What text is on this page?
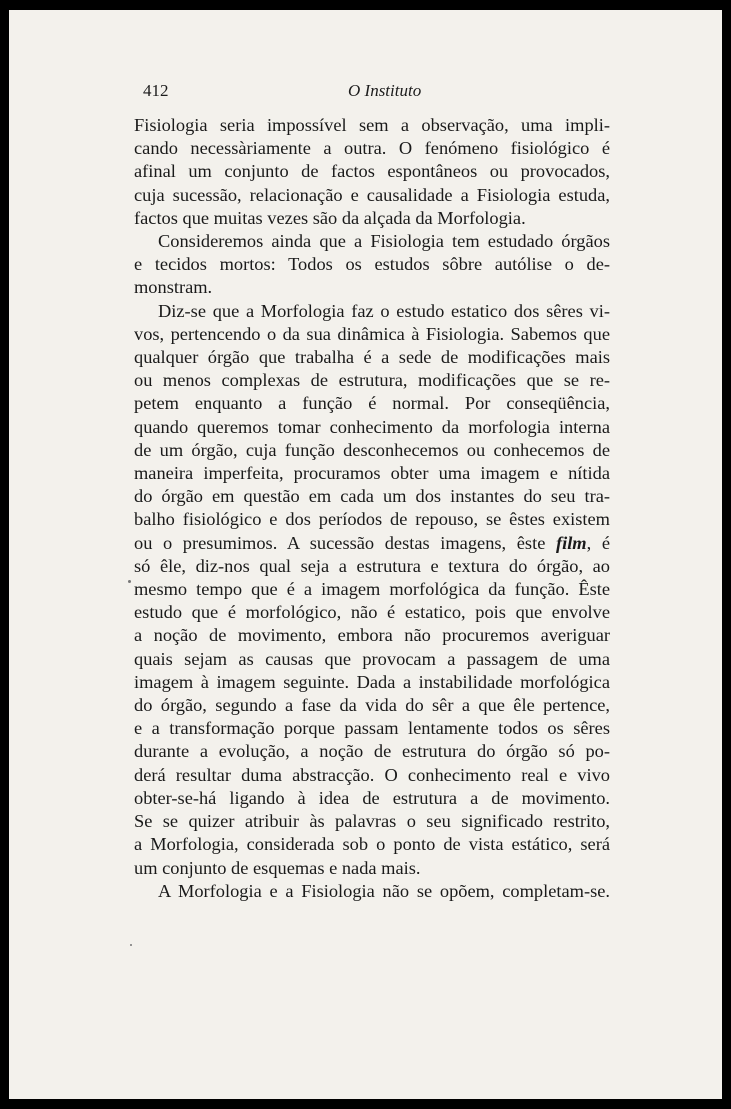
412	O Instituto

Fisiologia seria impossível sem a observação, uma impli-
cando necessàriamente a outra. O fenómeno fisiológico é
afinal um conjunto de factos espontâneos ou provocados,
cuja sucessão, relacionação e causalidade a Fisiologia estuda,
factos que muitas vezes são da alçada da Morfologia.

Consideremos ainda que a Fisiologia tem estudado órgãos
e tecidos mortos: Todos os estudos sôbre autólise o de-
monstram.

Diz-se que a Morfologia faz o estudo estatico dos sêres vi-
vos, pertencendo o da sua dinâmica à Fisiologia. Sabemos que
qualquer órgão que trabalha é a sede de modificações mais
ou menos complexas de estrutura, modificações que se re-
petem enquanto a função é normal. Por conseqüência,
quando queremos tomar conhecimento da morfologia interna
de um órgão, cuja função desconhecemos ou conhecemos de
maneira imperfeita, procuramos obter uma imagem e nítida
do órgão em questão em cada um dos instantes do seu tra-
balho fisiológico e dos períodos de repouso, se êstes existem
ou o presumimos. A sucessão destas imagens, êste film, é
só êle, diz-nos qual seja a estrutura e textura do órgão, ao
mesmo tempo que é a imagem morfológica da função. Êste
estudo que é morfológico, não é estatico, pois que envolve
a noção de movimento, embora não procuremos averiguar
quais sejam as causas que provocam a passagem de uma
imagem à imagem seguinte. Dada a instabilidade morfológica
do órgão, segundo a fase da vida do sêr a que êle pertence,
e a transformação porque passam lentamente todos os sêres
durante a evolução, a noção de estrutura do órgão só po-
derá resultar duma abstracção. O conhecimento real e vivo
obter-se-há ligando à idea de estrutura a de movimento.
Se se quizer atribuir às palavras o seu significado restrito,
a Morfologia, considerada sob o ponto de vista estático, será
um conjunto de esquemas e nada mais.

A Morfologia e a Fisiologia não se opõem, completam-se.
